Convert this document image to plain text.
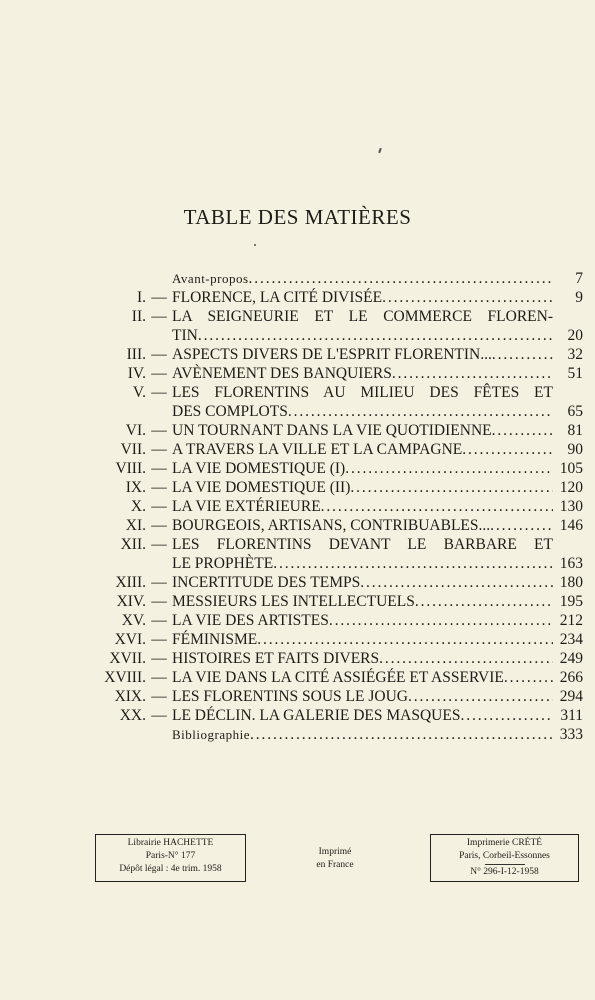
TABLE DES MATIÈRES
Avant-propos . . .	7
I. — FLORENCE, LA CITÉ DIVISÉE . . .	9
II. — LA SEIGNEURIE ET LE COMMERCE FLOREN-
TIN . . .	20
III. — ASPECTS DIVERS DE L'ESPRIT FLORENTIN... . . .	32
IV. — AVÈNEMENT DES BANQUIERS . . .	51
V. — LES FLORENTINS AU MILIEU DES FÊTES ET
DES COMPLOTS . . .	65
VI. — UN TOURNANT DANS LA VIE QUOTIDIENNE . . .	81
VII. — A TRAVERS LA VILLE ET LA CAMPAGNE . . .	90
VIII. — LA VIE DOMESTIQUE (I) . . .	105
IX. — LA VIE DOMESTIQUE (II) . . .	120
X. — LA VIE EXTÉRIEURE . . .	130
XI. — BOURGEOIS, ARTISANS, CONTRIBUABLES... . . .	146
XII. — LES FLORENTINS DEVANT LE BARBARE ET
LE PROPHÈTE . . .	163
XIII. — INCERTITUDE DES TEMPS . . .	180
XIV. — MESSIEURS LES INTELLECTUELS . . .	195
XV. — LA VIE DES ARTISTES . . .	212
XVI. — FÉMINISME . . .	234
XVII. — HISTOIRES ET FAITS DIVERS . . .	249
XVIII. — LA VIE DANS LA CITÉ ASSIÉGÉE ET ASSERVIE . . .	266
XIX. — LES FLORENTINS SOUS LE JOUG . . .	294
XX. — LE DÉCLIN. LA GALERIE DES MASQUES . . .	311
Bibliographie . . .	333
Librairie HACHETTE
Paris-N° 177
Dépôt légal : 4e trim. 1958
Imprimé
en France
Imprimerie CRÉTÉ
Paris, Corbeil-Essonnes
N° 296-I-12-1958
